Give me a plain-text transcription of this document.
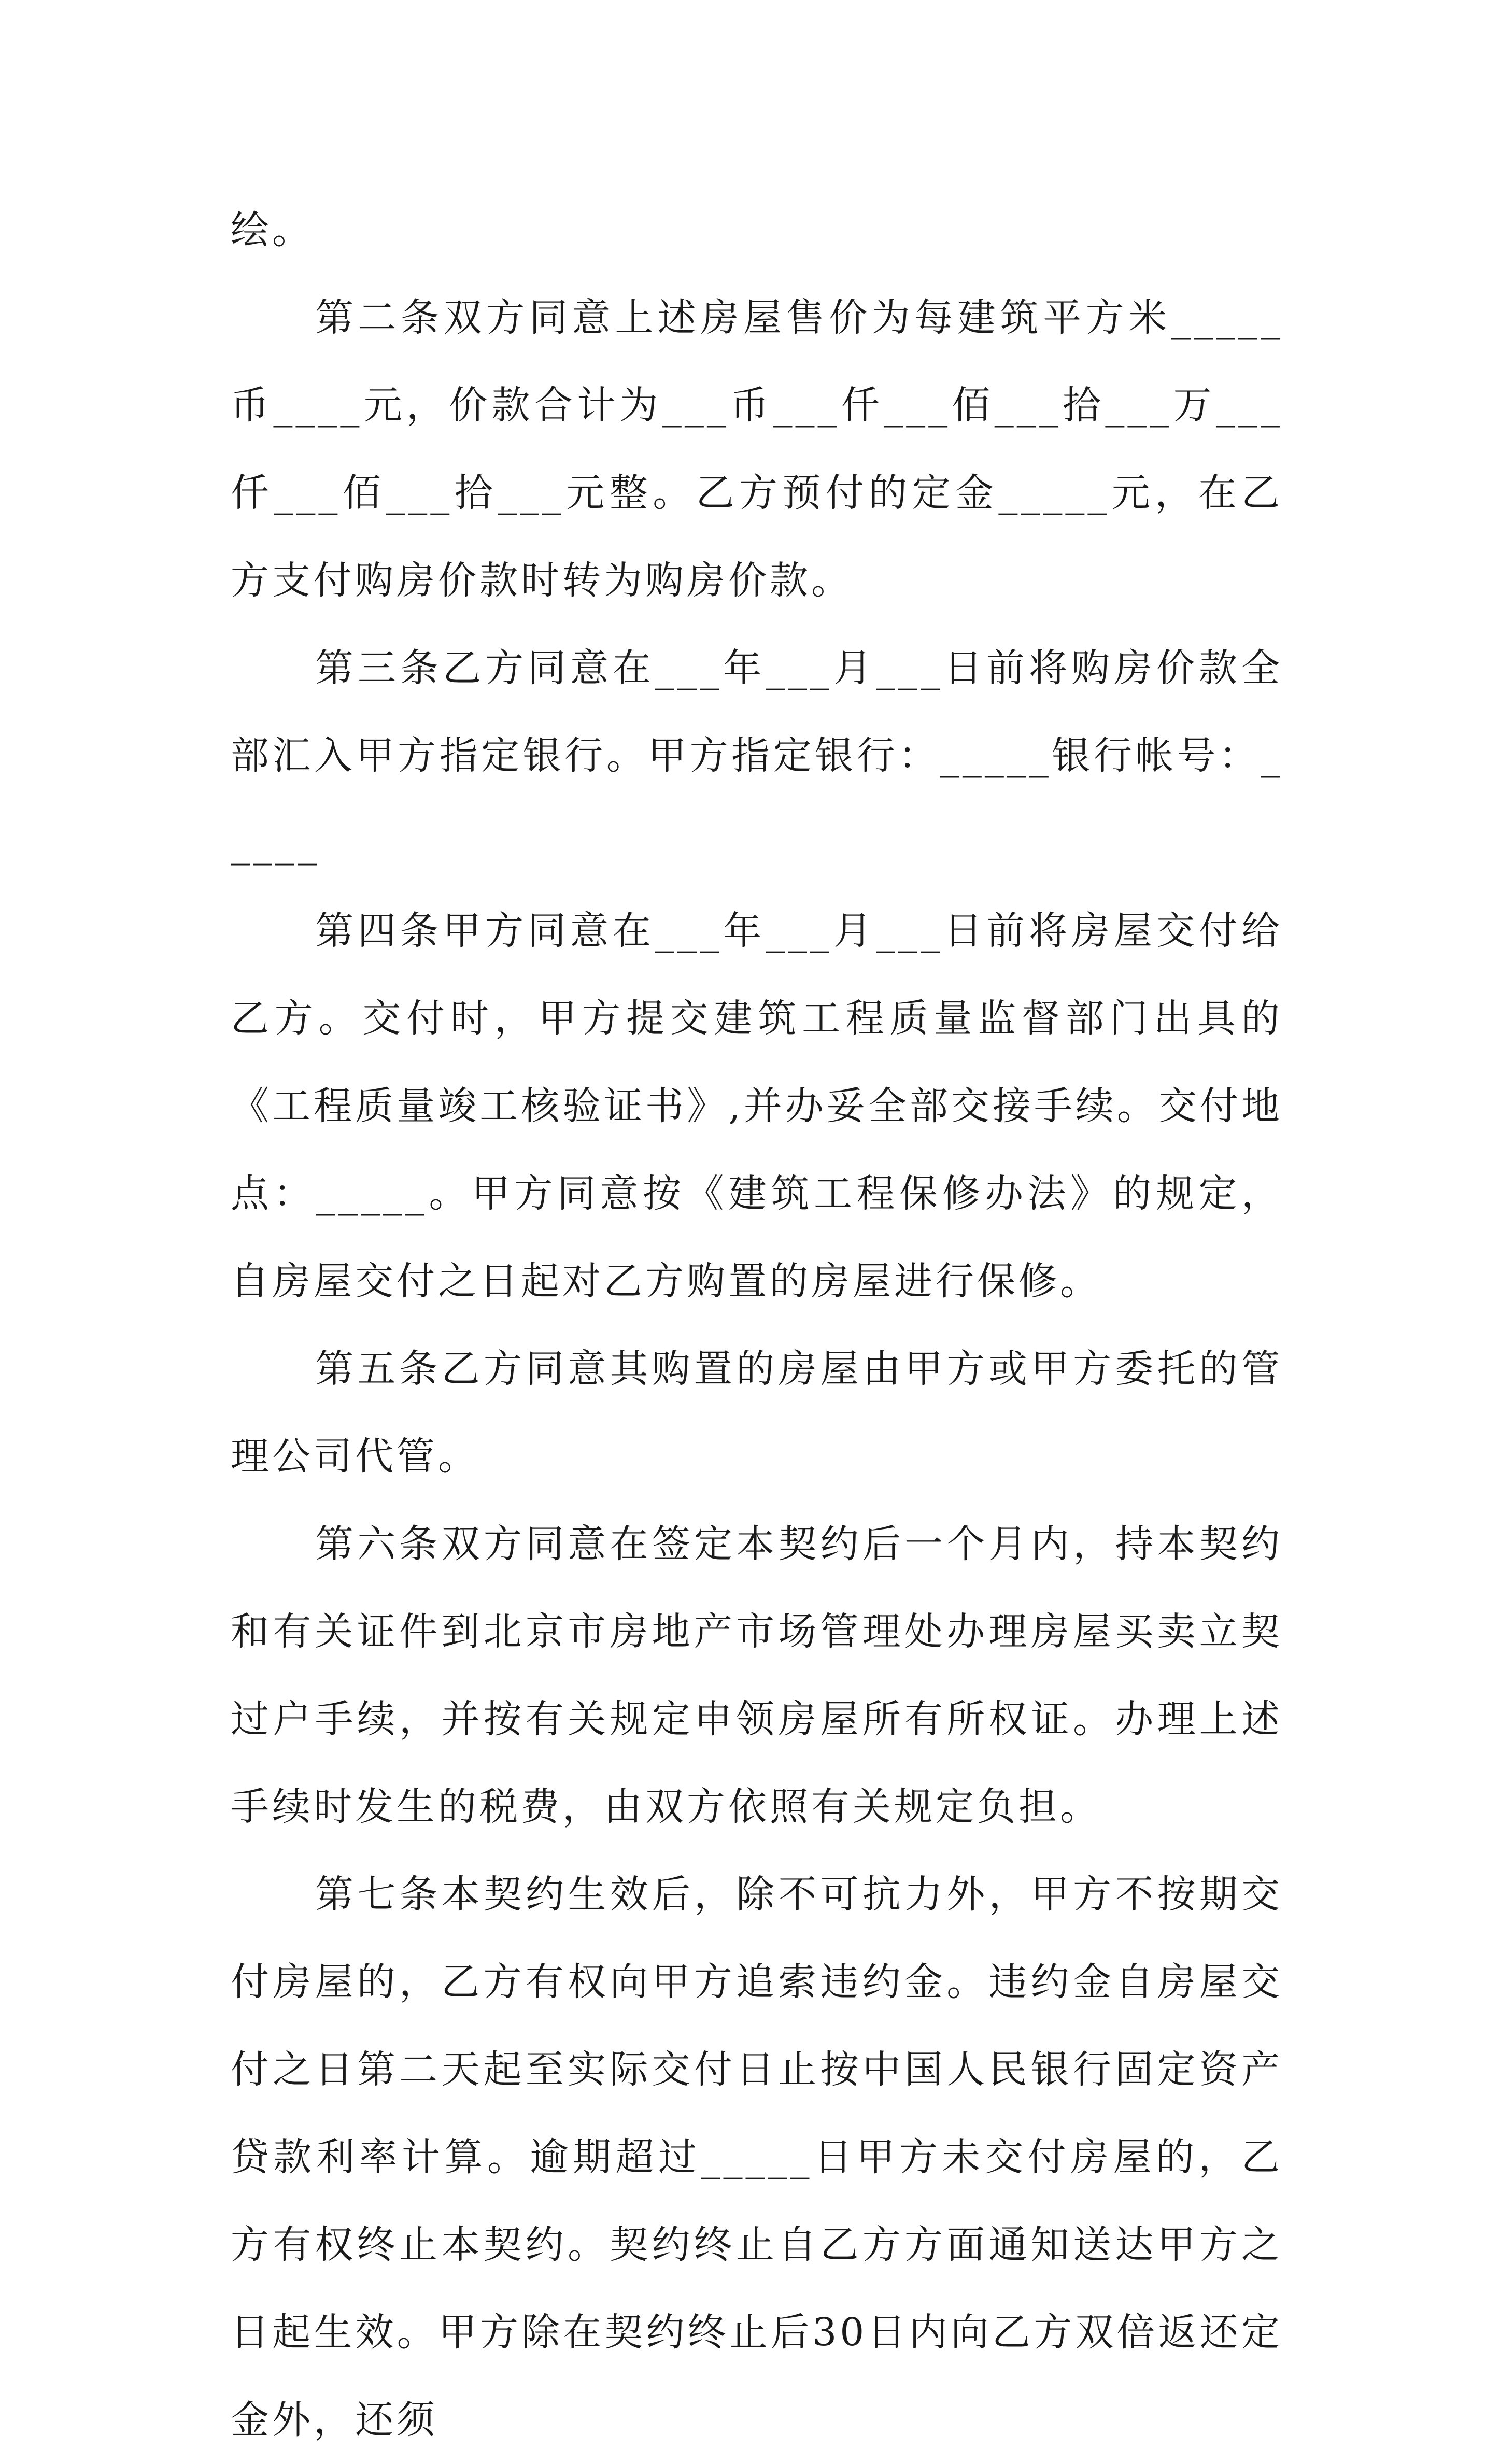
绘。

第二条双方同意上述房屋售价为每建筑平方米_____币____元，价款合计为___币___仟___佰___拾___万___仟___佰___拾___元整。乙方预付的定金_____元，在乙方支付购房价款时转为购房价款。

第三条乙方同意在___年___月___日前将购房价款全部汇入甲方指定银行。甲方指定银行：_____银行帐号：_____

第四条甲方同意在___年___月___日前将房屋交付给乙方。交付时，甲方提交建筑工程质量监督部门出具的《工程质量竣工核验证书》,并办妥全部交接手续。交付地点：_____。甲方同意按《建筑工程保修办法》的规定，自房屋交付之日起对乙方购置的房屋进行保修。

第五条乙方同意其购置的房屋由甲方或甲方委托的管理公司代管。

第六条双方同意在签定本契约后一个月内，持本契约和有关证件到北京市房地产市场管理处办理房屋买卖立契过户手续，并按有关规定申领房屋所有所权证。办理上述手续时发生的税费，由双方依照有关规定负担。

第七条本契约生效后，除不可抗力外，甲方不按期交付房屋的，乙方有权向甲方追索违约金。违约金自房屋交付之日第二天起至实际交付日止按中国人民银行固定资产贷款利率计算。逾期超过_____日甲方未交付房屋的，乙方有权终止本契约。契约终止自乙方方面通知送达甲方之日起生效。甲方除在契约终止后30日内向乙方双倍返还定金外，还须
